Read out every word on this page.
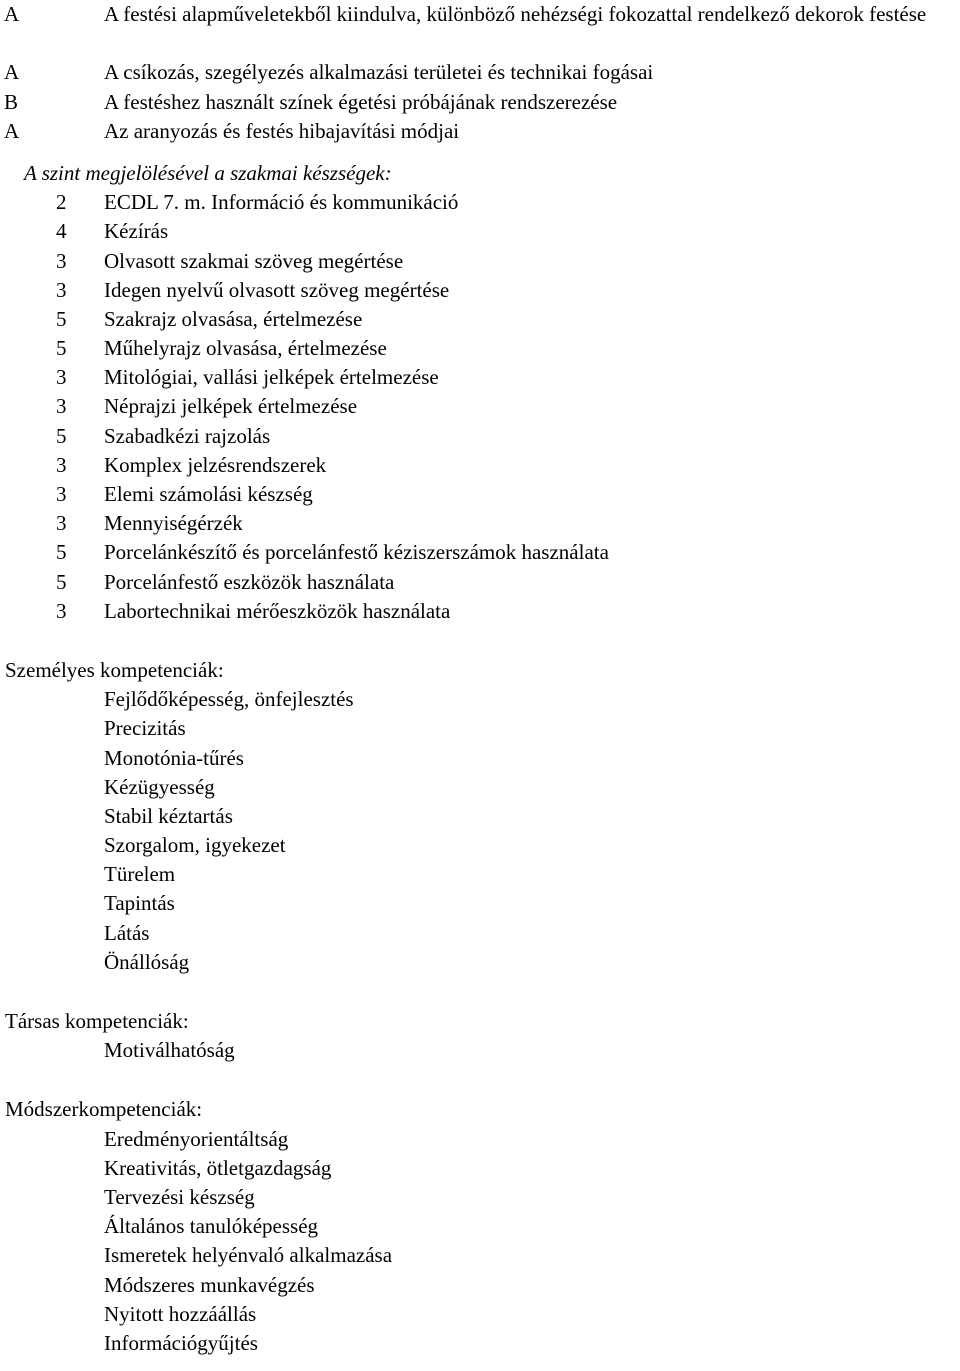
A	A festési alapműveletekből kiindulva, különböző nehézségi fokozattal rendelkező dekorok festése
A	A csíkozás, szegélyezés alkalmazási területei és technikai fogásai
B	A festéshez használt színek égetési próbájának rendszerezése
A	Az aranyozás és festés hibajavítási módjai
A szint megjelölésével a szakmai készségek:
2 ECDL 7. m. Információ és kommunikáció
4 Kézírás
3 Olvasott szakmai szöveg megértése
3 Idegen nyelvű olvasott szöveg megértése
5 Szakrajz olvasása, értelmezése
5 Műhelyrajz olvasása, értelmezése
3 Mitológiai, vallási jelképek értelmezése
3 Néprajzi jelképek értelmezése
5 Szabadkézi rajzolás
3 Komplex jelzésrendszerek
3 Elemi számolási készség
3 Mennyiségérzék
5 Porcelánkészítő és porcelánfestő kéziszerszámok használata
5 Porcelánfestő eszközök használata
3 Labortechnikai mérőeszközök használata
Személyes kompetenciák:
Fejlődőképesség, önfejlesztés
Precizitás
Monotónia-tűrés
Kézügyesség
Stabil kéztartás
Szorgalom, igyekezet
Türelem
Tapintás
Látás
Önállóság
Társas kompetenciák:
Motiválhatóság
Módszerkompetenciák:
Eredményorientáltság
Kreativitás, ötletgazdagság
Tervezési készség
Általános tanulóképesség
Ismeretek helyénvaló alkalmazása
Módszeres munkavégzés
Nyitott hozzáállás
Információgyűjtés
